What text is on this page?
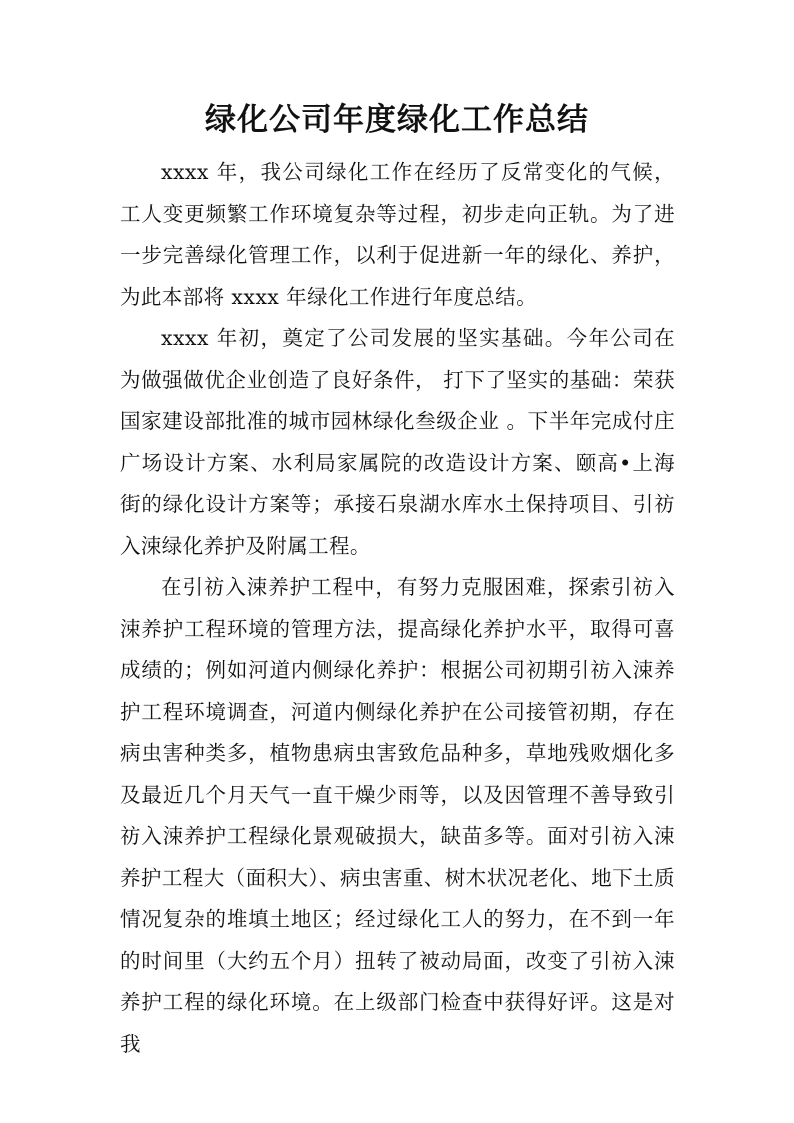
绿化公司年度绿化工作总结

xxxx 年，我公司绿化工作在经历了反常变化的气候，工人变更频繁工作环境复杂等过程，初步走向正轨。为了进一步完善绿化管理工作，以利于促进新一年的绿化、养护，为此本部将 xxxx 年绿化工作进行年度总结。

xxxx 年初，奠定了公司发展的坚实基础。今年公司在为做强做优企业创造了良好条件， 打下了坚实的基础：荣获国家建设部批准的城市园林绿化叁级企业 。下半年完成付庄广场设计方案、水利局家属院的改造设计方案、颐高•上海街的绿化设计方案等；承接石泉湖水库水土保持项目、引祊入涑绿化养护及附属工程。

在引祊入涑养护工程中，有努力克服困难，探索引祊入涑养护工程环境的管理方法，提高绿化养护水平，取得可喜成绩的；例如河道内侧绿化养护：根据公司初期引祊入涑养护工程环境调查，河道内侧绿化养护在公司接管初期，存在病虫害种类多，植物患病虫害致危品种多，草地残败烟化多及最近几个月天气一直干燥少雨等，以及因管理不善导致引祊入涑养护工程绿化景观破损大，缺苗多等。面对引祊入涑养护工程大（面积大）、病虫害重、树木状况老化、地下土质情况复杂的堆填土地区；经过绿化工人的努力，在不到一年的时间里（大约五个月）扭转了被动局面，改变了引祊入涑养护工程的绿化环境。在上级部门检查中获得好评。这是对我
